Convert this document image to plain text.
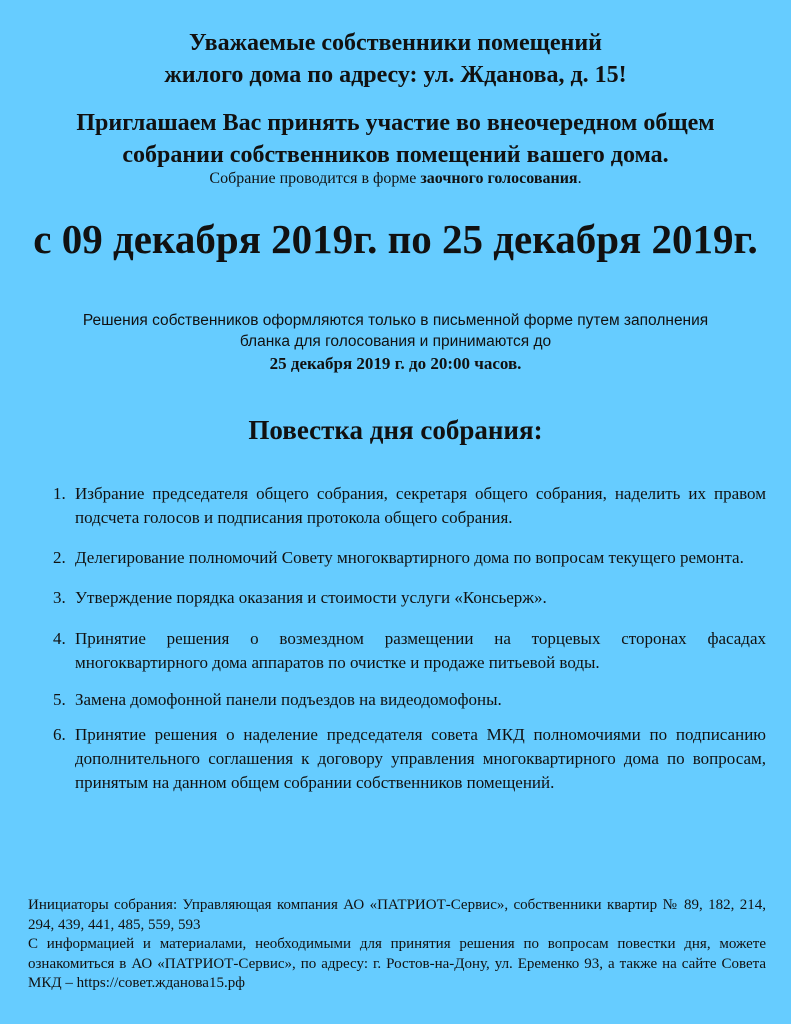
Уважаемые собственники помещений
жилого дома по адресу: ул. Жданова, д. 15!
Приглашаем Вас принять участие во внеочередном общем
собрании собственников помещений вашего дома.
Собрание проводится в форме заочного голосования.
с 09 декабря 2019г. по 25 декабря 2019г.
Решения собственников оформляются только в письменной форме путем заполнения
бланка для голосования и принимаются до
25 декабря 2019 г. до 20:00 часов.
Повестка дня собрания:
1. Избрание председателя общего собрания, секретаря общего собрания, наделить их правом подсчета голосов и подписания протокола общего собрания.
2. Делегирование полномочий Совету многоквартирного дома по вопросам текущего ремонта.
3. Утверждение порядка оказания и стоимости услуги «Консьерж».
4. Принятие решения о возмездном размещении на торцевых сторонах фасадах многоквартирного дома аппаратов по очистке и продаже питьевой воды.
5. Замена домофонной панели подъездов на видеодомофоны.
6. Принятие решения о наделение председателя совета МКД полномочиями по подписанию дополнительного соглашения к договору управления многоквартирного дома по вопросам, принятым на данном общем собрании собственников помещений.

Инициаторы собрания: Управляющая компания АО «ПАТРИОТ-Сервис», собственники квартир № 89, 182, 214, 294, 439, 441, 485, 559, 593

С информацией и материалами, необходимыми для принятия решения по вопросам повестки дня, можете ознакомиться в АО «ПАТРИОТ-Сервис», по адресу: г. Ростов-на-Дону, ул. Еременко 93, а также на сайте Совета МКД – https://совет.жданова15.рф
